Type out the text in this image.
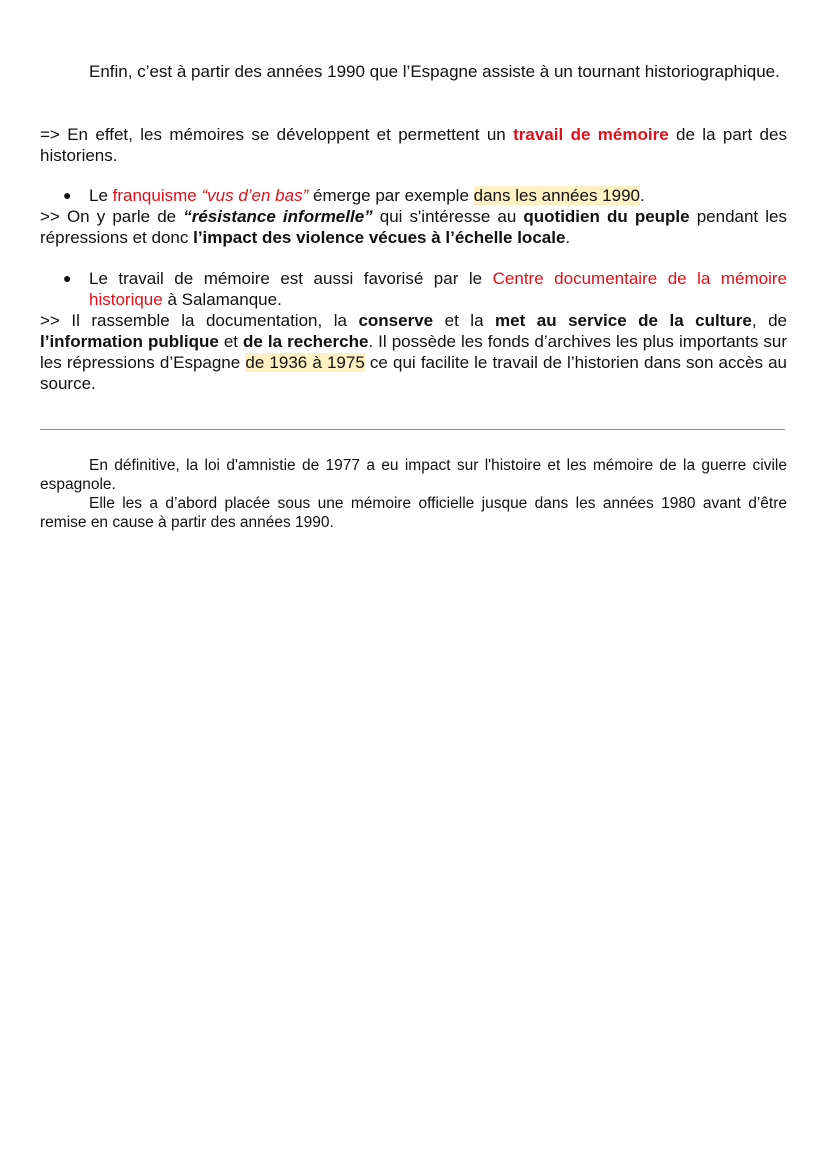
Enfin, c’est à partir des années 1990 que l’Espagne assiste à un tournant historiographique.

=> En effet, les mémoires se développent et permettent un travail de mémoire de la part des historiens.

● Le franquisme “vus d’en bas” émerge par exemple dans les années 1990.

>> On y parle de “résistance informelle” qui s'intéresse au quotidien du peuple pendant les répressions et donc l’impact des violence vécues à l’échelle locale.

● Le travail de mémoire est aussi favorisé par le Centre documentaire de la mémoire historique à Salamanque.

>> Il rassemble la documentation, la conserve et la met au service de la culture, de l’information publique et de la recherche. Il possède les fonds d’archives les plus importants sur les répressions d’Espagne de 1936 à 1975 ce qui facilite le travail de l’historien dans son accès au source.

En définitive, la loi d'amnistie de 1977 a eu impact sur l'histoire et les mémoire de la guerre civile espagnole.

Elle les a d’abord placée sous une mémoire officielle jusque dans les années 1980 avant d’être remise en cause à partir des années 1990.
